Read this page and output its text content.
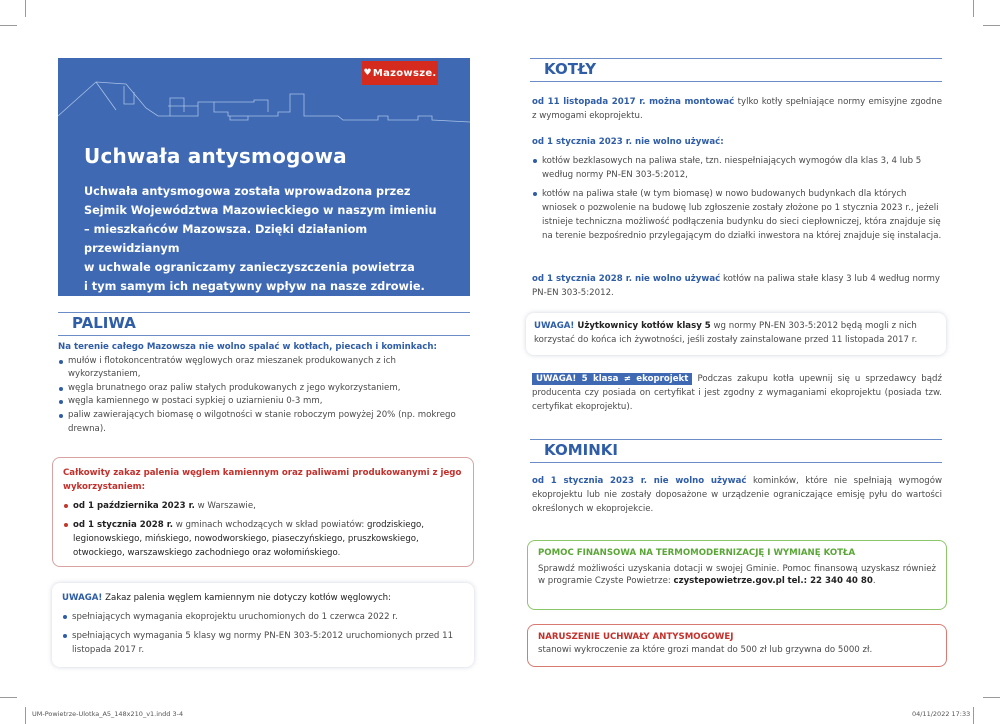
♥ Mazowsze.
Uchwała antysmogowa
Uchwała antysmogowa została wprowadzona przez
Sejmik Województwa Mazowieckiego w naszym imieniu
– mieszkańców Mazowsza. Dzięki działaniom przewidzianym
w uchwale ograniczamy zanieczyszczenia powietrza
i tym samym ich negatywny wpływ na nasze zdrowie.
PALIWA
Na terenie całego Mazowsza nie wolno spalać w kotłach, piecach i kominkach:
mułów i flotokoncentratów węglowych oraz mieszanek produkowanych z ich wykorzystaniem,
węgla brunatnego oraz paliw stałych produkowanych z jego wykorzystaniem,
węgla kamiennego w postaci sypkiej o uziarnieniu 0-3 mm,
paliw zawierających biomasę o wilgotności w stanie roboczym powyżej 20% (np. mokrego drewna).
Całkowity zakaz palenia węglem kamiennym oraz paliwami produkowanymi z jego wykorzystaniem:
od 1 października 2023 r. w Warszawie,
od 1 stycznia 2028 r. w gminach wchodzących w skład powiatów: grodziskiego, legionowskiego, mińskiego, nowodworskiego, piaseczyńskiego, pruszkowskiego, otwockiego, warszawskiego zachodniego oraz wołomińskiego.
UWAGA! Zakaz palenia węglem kamiennym nie dotyczy kotłów węglowych:
spełniających wymagania ekoprojektu uruchomionych do 1 czerwca 2022 r.
spełniających wymagania 5 klasy wg normy PN-EN 303-5:2012 uruchomionych przed 11 listopada 2017 r.
KOTŁY
od 11 listopada 2017 r. można montować tylko kotły spełniające normy emisyjne zgodne z wymogami ekoprojektu.
od 1 stycznia 2023 r. nie wolno używać:
kotłów bezklasowych na paliwa stałe, tzn. niespełniających wymogów dla klas 3, 4 lub 5 według normy PN-EN 303-5:2012,
kotłów na paliwa stałe (w tym biomasę) w nowo budowanych budynkach dla których wniosek o pozwolenie na budowę lub zgłoszenie zostały złożone po 1 stycznia 2023 r., jeżeli istnieje techniczna możliwość podłączenia budynku do sieci ciepłowniczej, która znajduje się na terenie bezpośrednio przylegającym do działki inwestora na której znajduje się instalacja.
od 1 stycznia 2028 r. nie wolno używać kotłów na paliwa stałe klasy 3 lub 4 według normy PN-EN 303-5:2012.
UWAGA! Użytkownicy kotłów klasy 5 wg normy PN-EN 303-5:2012 będą mogli z nich korzystać do końca ich żywotności, jeśli zostały zainstalowane przed 11 listopada 2017 r.
UWAGA! 5 klasa ≠ ekoprojekt Podczas zakupu kotła upewnij się u sprzedawcy bądź producenta czy posiada on certyfikat i jest zgodny z wymaganiami ekoprojektu (posiada tzw. certyfikat ekoprojektu).
KOMINKI
od 1 stycznia 2023 r. nie wolno używać kominków, które nie spełniają wymogów ekoprojektu lub nie zostały doposażone w urządzenie ograniczające emisję pyłu do wartości określonych w ekoprojekcie.
POMOC FINANSOWA NA TERMOMODERNIZACJĘ I WYMIANĘ KOTŁA
Sprawdź możliwości uzyskania dotacji w swojej Gminie. Pomoc finansową uzyskasz również w programie Czyste Powietrze: czystepowietrze.gov.pl tel.: 22 340 40 80.
NARUSZENIE UCHWAŁY ANTYSMOGOWEJ
stanowi wykroczenie za które grozi mandat do 500 zł lub grzywna do 5000 zł.
UM-Powietrze-Ulotka_A5_148x210_v1.indd 3-4	04/11/2022 17:33
